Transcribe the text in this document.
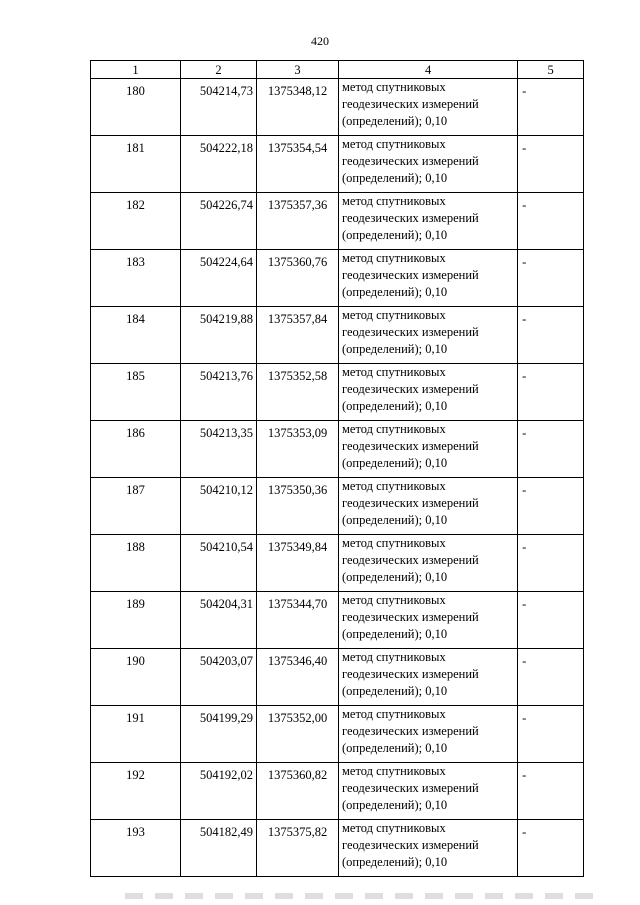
420
1	2	3	4	5
180	504214,73	1375348,12	метод спутниковых
геодезических измерений
(определений); 0,10	-
181	504222,18	1375354,54	метод спутниковых
геодезических измерений
(определений); 0,10	-
182	504226,74	1375357,36	метод спутниковых
геодезических измерений
(определений); 0,10	-
183	504224,64	1375360,76	метод спутниковых
геодезических измерений
(определений); 0,10	-
184	504219,88	1375357,84	метод спутниковых
геодезических измерений
(определений); 0,10	-
185	504213,76	1375352,58	метод спутниковых
геодезических измерений
(определений); 0,10	-
186	504213,35	1375353,09	метод спутниковых
геодезических измерений
(определений); 0,10	-
187	504210,12	1375350,36	метод спутниковых
геодезических измерений
(определений); 0,10	-
188	504210,54	1375349,84	метод спутниковых
геодезических измерений
(определений); 0,10	-
189	504204,31	1375344,70	метод спутниковых
геодезических измерений
(определений); 0,10	-
190	504203,07	1375346,40	метод спутниковых
геодезических измерений
(определений); 0,10	-
191	504199,29	1375352,00	метод спутниковых
геодезических измерений
(определений); 0,10	-
192	504192,02	1375360,82	метод спутниковых
геодезических измерений
(определений); 0,10	-
193	504182,49	1375375,82	метод спутниковых
геодезических измерений
(определений); 0,10	-
